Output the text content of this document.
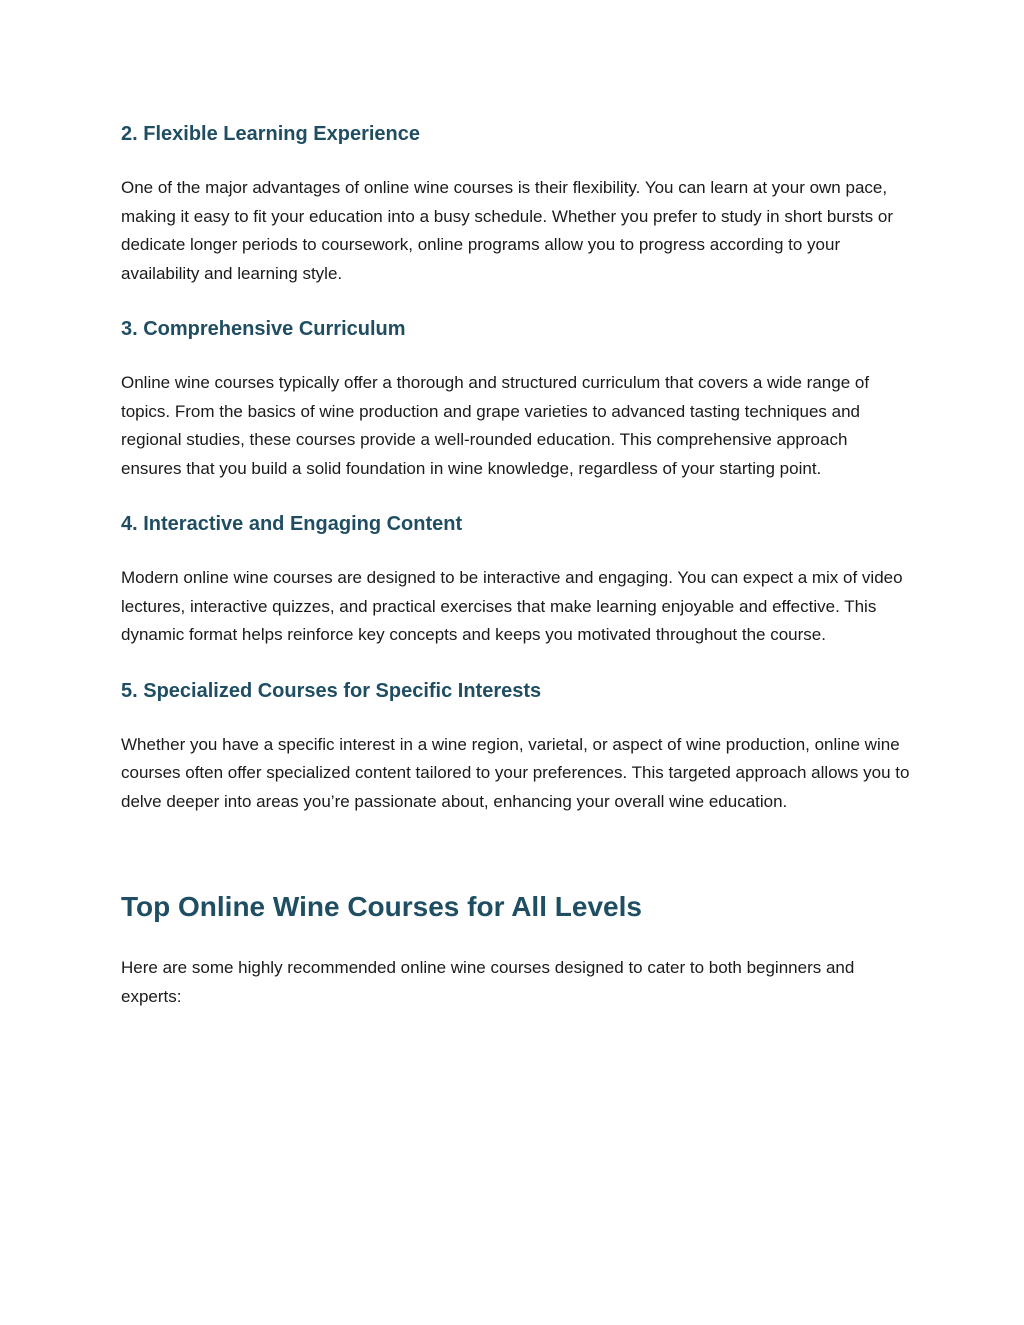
2. Flexible Learning Experience

One of the major advantages of online wine courses is their flexibility. You can learn at your own pace, making it easy to fit your education into a busy schedule. Whether you prefer to study in short bursts or dedicate longer periods to coursework, online programs allow you to progress according to your availability and learning style.

3. Comprehensive Curriculum

Online wine courses typically offer a thorough and structured curriculum that covers a wide range of topics. From the basics of wine production and grape varieties to advanced tasting techniques and regional studies, these courses provide a well-rounded education. This comprehensive approach ensures that you build a solid foundation in wine knowledge, regardless of your starting point.

4. Interactive and Engaging Content

Modern online wine courses are designed to be interactive and engaging. You can expect a mix of video lectures, interactive quizzes, and practical exercises that make learning enjoyable and effective. This dynamic format helps reinforce key concepts and keeps you motivated throughout the course.

5. Specialized Courses for Specific Interests

Whether you have a specific interest in a wine region, varietal, or aspect of wine production, online wine courses often offer specialized content tailored to your preferences. This targeted approach allows you to delve deeper into areas you’re passionate about, enhancing your overall wine education.

Top Online Wine Courses for All Levels

Here are some highly recommended online wine courses designed to cater to both beginners and experts:
